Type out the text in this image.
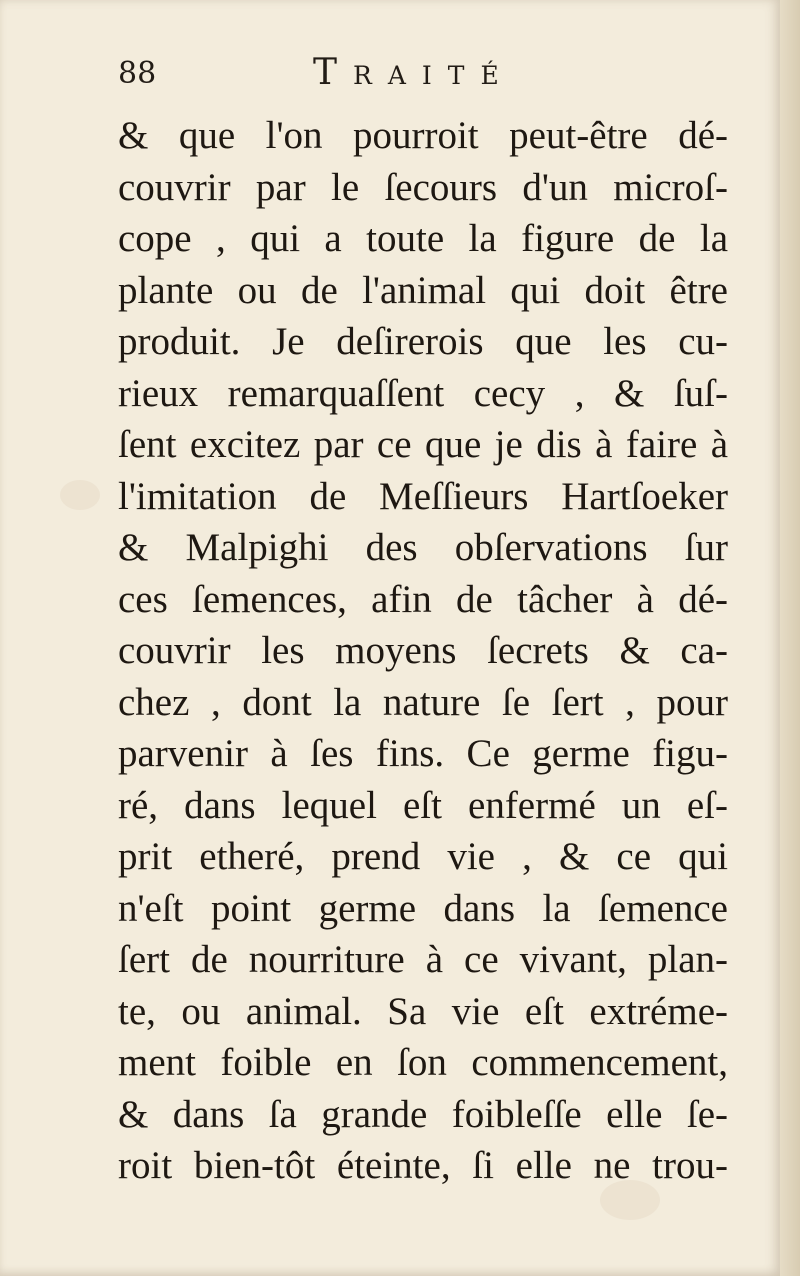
88	Traité
& que l'on pourroit peut-être dé-
couvrir par le ſecours d'un microſ-
cope , qui a toute la figure de la
plante ou de l'animal qui doit être
produit. Je deſirerois que les cu-
rieux remarquaſſent cecy , & ſuſ-
ſent excitez par ce que je dis à faire à
l'imitation de Meſſieurs Hartſoeker
& Malpighi des obſervations ſur
ces ſemences, afin de tâcher à dé-
couvrir les moyens ſecrets & ca-
chez , dont la nature ſe ſert , pour
parvenir à ſes fins. Ce germe figu-
ré, dans lequel eſt enfermé un eſ-
prit etheré, prend vie , & ce qui
n'eſt point germe dans la ſemence
ſert de nourriture à ce vivant, plan-
te, ou animal. Sa vie eſt extréme-
ment foible en ſon commencement,
& dans ſa grande foibleſſe elle ſe-
roit bien-tôt éteinte, ſi elle ne trou-
